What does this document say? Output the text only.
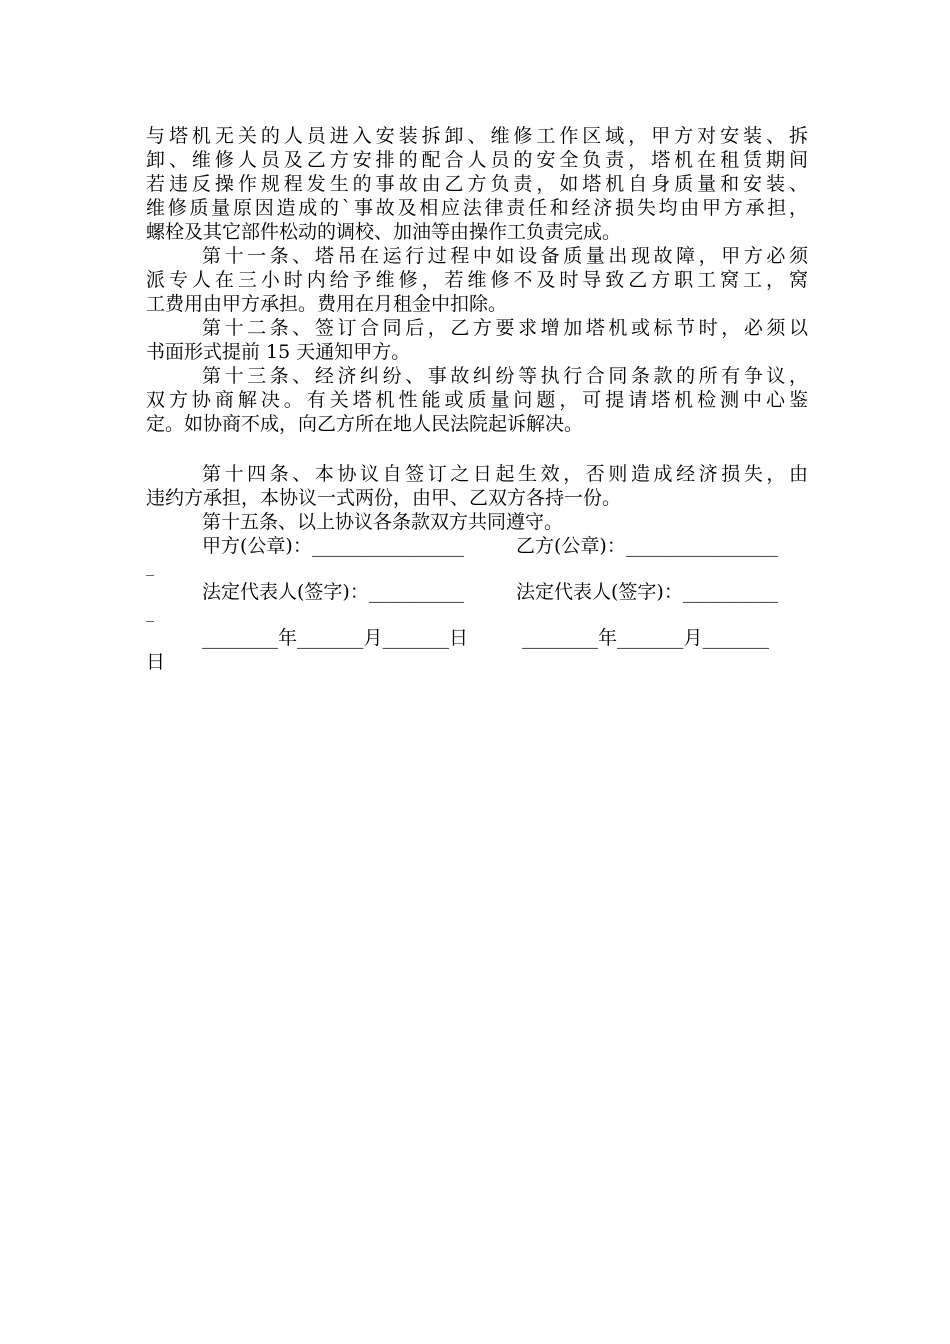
与塔机无关的人员进入安装拆卸、维修工作区域，甲方对安装、拆
卸、维修人员及乙方安排的配合人员的安全负责，塔机在租赁期间
若违反操作规程发生的事故由乙方负责，如塔机自身质量和安装、
维修质量原因造成的`事故及相应法律责任和经济损失均由甲方承担，
螺栓及其它部件松动的调校、加油等由操作工负责完成。
第十一条、塔吊在运行过程中如设备质量出现故障，甲方必须
派专人在三小时内给予维修，若维修不及时导致乙方职工窝工，窝
工费用由甲方承担。费用在月租金中扣除。
第十二条、签订合同后，乙方要求增加塔机或标节时，必须以
书面形式提前 15 天通知甲方。
第十三条、经济纠纷、事故纠纷等执行合同条款的所有争议，
双方协商解决。有关塔机性能或质量问题，可提请塔机检测中心鉴
定。如协商不成，向乙方所在地人民法院起诉解决。
第十四条、本协议自签订之日起生效，否则造成经济损失，由
违约方承担，本协议一式两份，由甲、乙双方各持一份。
第十五条、以上协议各条款双方共同遵守。
甲方(公章)：________________	乙方(公章)：________________
_
法定代表人(签字)：__________	法定代表人(签字)：__________
_
________年_______月_______日	________年_______月_______
日
